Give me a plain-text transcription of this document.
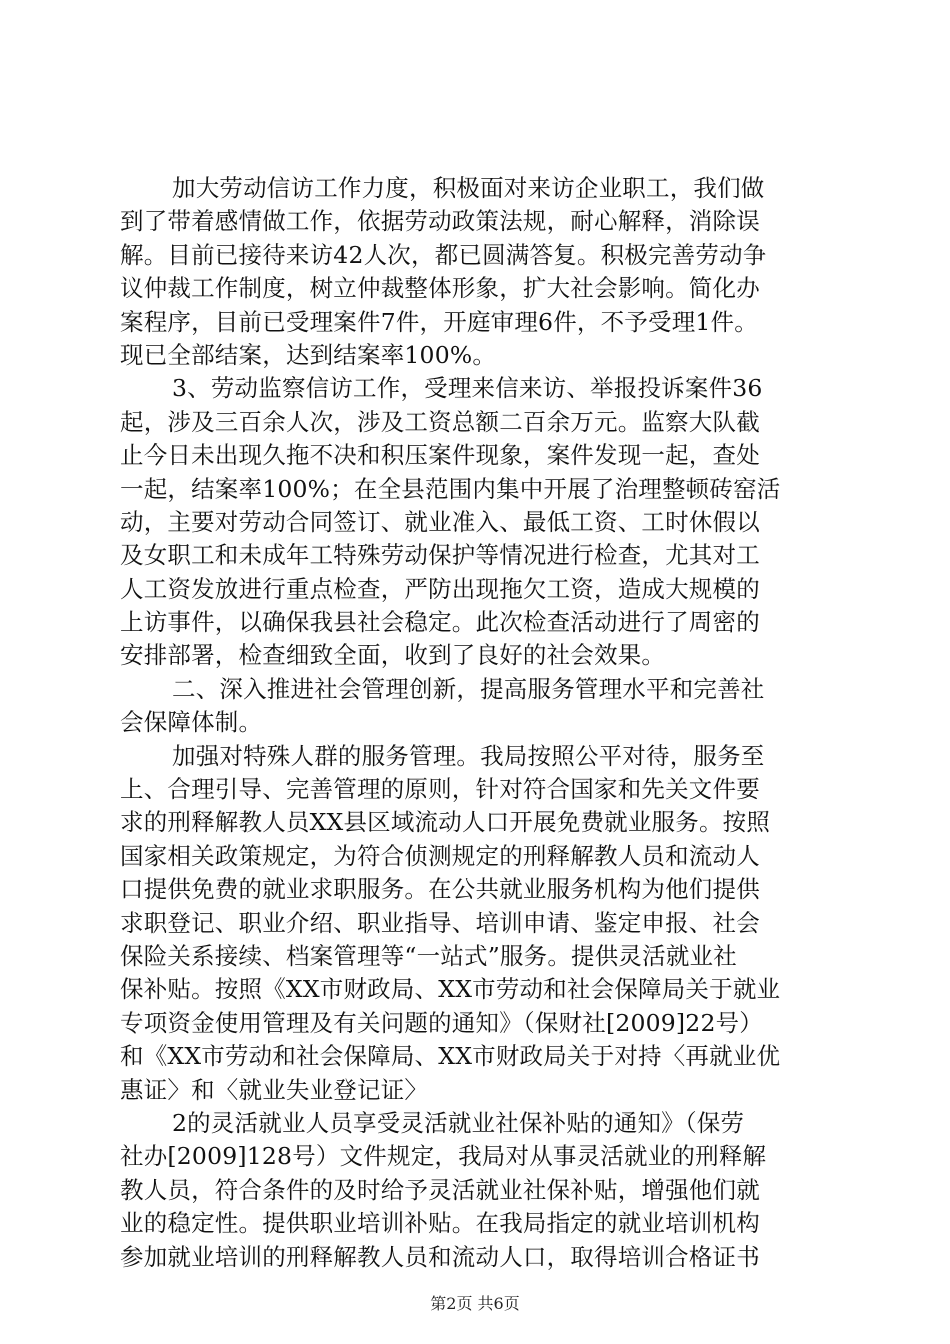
加大劳动信访工作力度，积极面对来访企业职工，我们做
到了带着感情做工作，依据劳动政策法规，耐心解释，消除误
解。目前已接待来访42人次，都已圆满答复。积极完善劳动争
议仲裁工作制度，树立仲裁整体形象，扩大社会影响。简化办
案程序，目前已受理案件7件，开庭审理6件，不予受理1件。
现已全部结案，达到结案率100%。
3、劳动监察信访工作，受理来信来访、举报投诉案件36
起，涉及三百余人次，涉及工资总额二百余万元。监察大队截
止今日未出现久拖不决和积压案件现象，案件发现一起，查处
一起，结案率100%；在全县范围内集中开展了治理整顿砖窑活
动，主要对劳动合同签订、就业准入、最低工资、工时休假以
及女职工和未成年工特殊劳动保护等情况进行检查，尤其对工
人工资发放进行重点检查，严防出现拖欠工资，造成大规模的
上访事件，以确保我县社会稳定。此次检查活动进行了周密的
安排部署，检查细致全面，收到了良好的社会效果。
二、深入推进社会管理创新，提高服务管理水平和完善社
会保障体制。
加强对特殊人群的服务管理。我局按照公平对待，服务至
上、合理引导、完善管理的原则，针对符合国家和先关文件要
求的刑释解教人员XX县区域流动人口开展免费就业服务。按照
国家相关政策规定，为符合侦测规定的刑释解教人员和流动人
口提供免费的就业求职服务。在公共就业服务机构为他们提供
求职登记、职业介绍、职业指导、培训申请、鉴定申报、社会
保险关系接续、档案管理等“一站式”服务。提供灵活就业社
保补贴。按照《XX市财政局、XX市劳动和社会保障局关于就业
专项资金使用管理及有关问题的通知》（保财社[2009]22号）
和《XX市劳动和社会保障局、XX市财政局关于对持〈再就业优
惠证〉和〈就业失业登记证〉
2的灵活就业人员享受灵活就业社保补贴的通知》（保劳
社办[2009]128号）文件规定，我局对从事灵活就业的刑释解
教人员，符合条件的及时给予灵活就业社保补贴，增强他们就
业的稳定性。提供职业培训补贴。在我局指定的就业培训机构
参加就业培训的刑释解教人员和流动人口，取得培训合格证书
第2页 共6页
